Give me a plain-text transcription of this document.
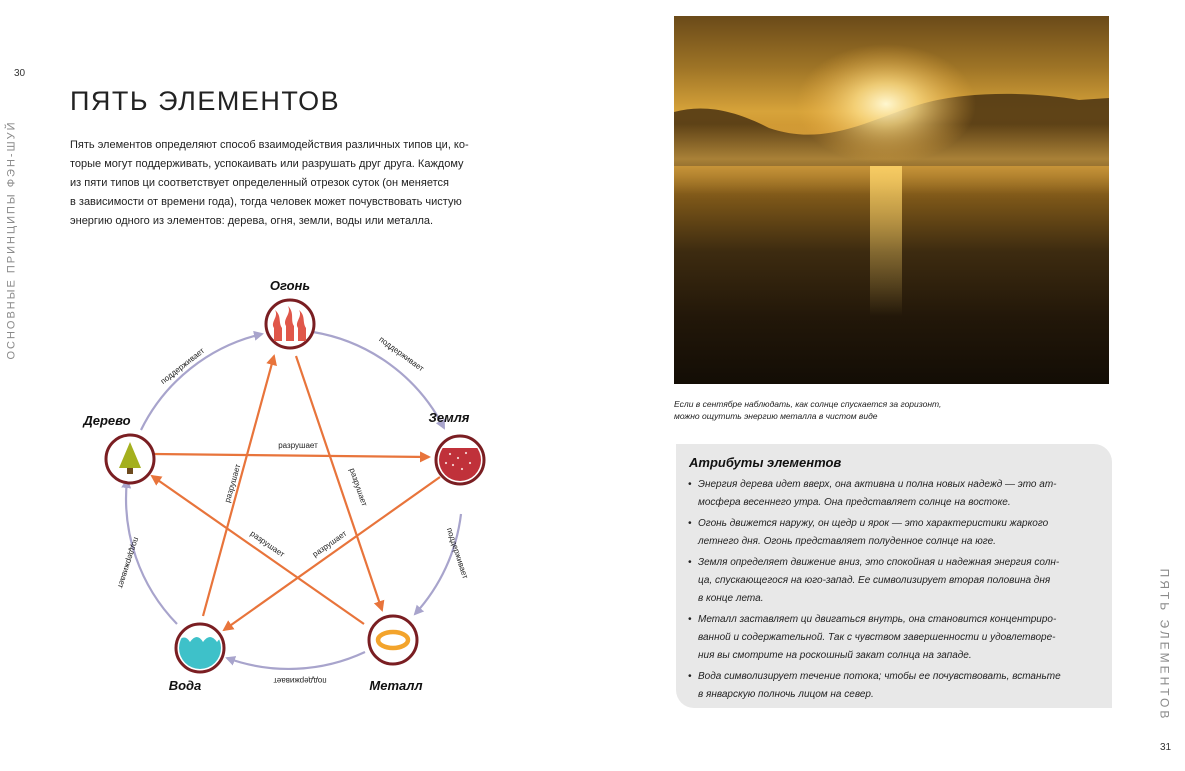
30
31
ОСНОВНЫЕ ПРИНЦИПЫ ФЭН-ШУЙ
ПЯТЬ ЭЛЕМЕНТОВ
ПЯТЬ ЭЛЕМЕНТОВ

Пять элементов определяют способ взаимодействия различных типов ци, ко-
торые могут поддерживать, успокаивать или разрушать друг друга. Каждому
из пяти типов ци соответствует определенный отрезок суток (он меняется
в зависимости от времени года), тогда человек может почувствовать чистую
энергию одного из элементов: дерева, огня, земли, воды или металла.

Огонь
Дерево	Земля
Вода	Металл
поддерживает	поддерживает
поддерживает
поддерживает
поддерживает
разрушает
разрушает
разрушает	разрушает
разрушает

Если в сентябре наблюдать, как солнце спускается за горизонт,
можно ощутить энергию металла в чистом виде

Атрибуты элементов
• Энергия дерева идет вверх, она активна и полна новых надежд — это ат-
мосфера весеннего утра. Она представляет солнце на востоке.
• Огонь движется наружу, он щедр и ярок — это характеристики жаркого
летнего дня. Огонь представляет полуденное солнце на юге.
• Земля определяет движение вниз, это спокойная и надежная энергия солн-
ца, спускающегося на юго-запад. Ее символизирует вторая половина дня
в конце лета.
• Металл заставляет ци двигаться внутрь, она становится концентриро-
ванной и содержательной. Так с чувством завершенности и удовлетворе-
ния вы смотрите на роскошный закат солнца на западе.
• Вода символизирует течение потока; чтобы ее почувствовать, встаньте
в январскую полночь лицом на север.
